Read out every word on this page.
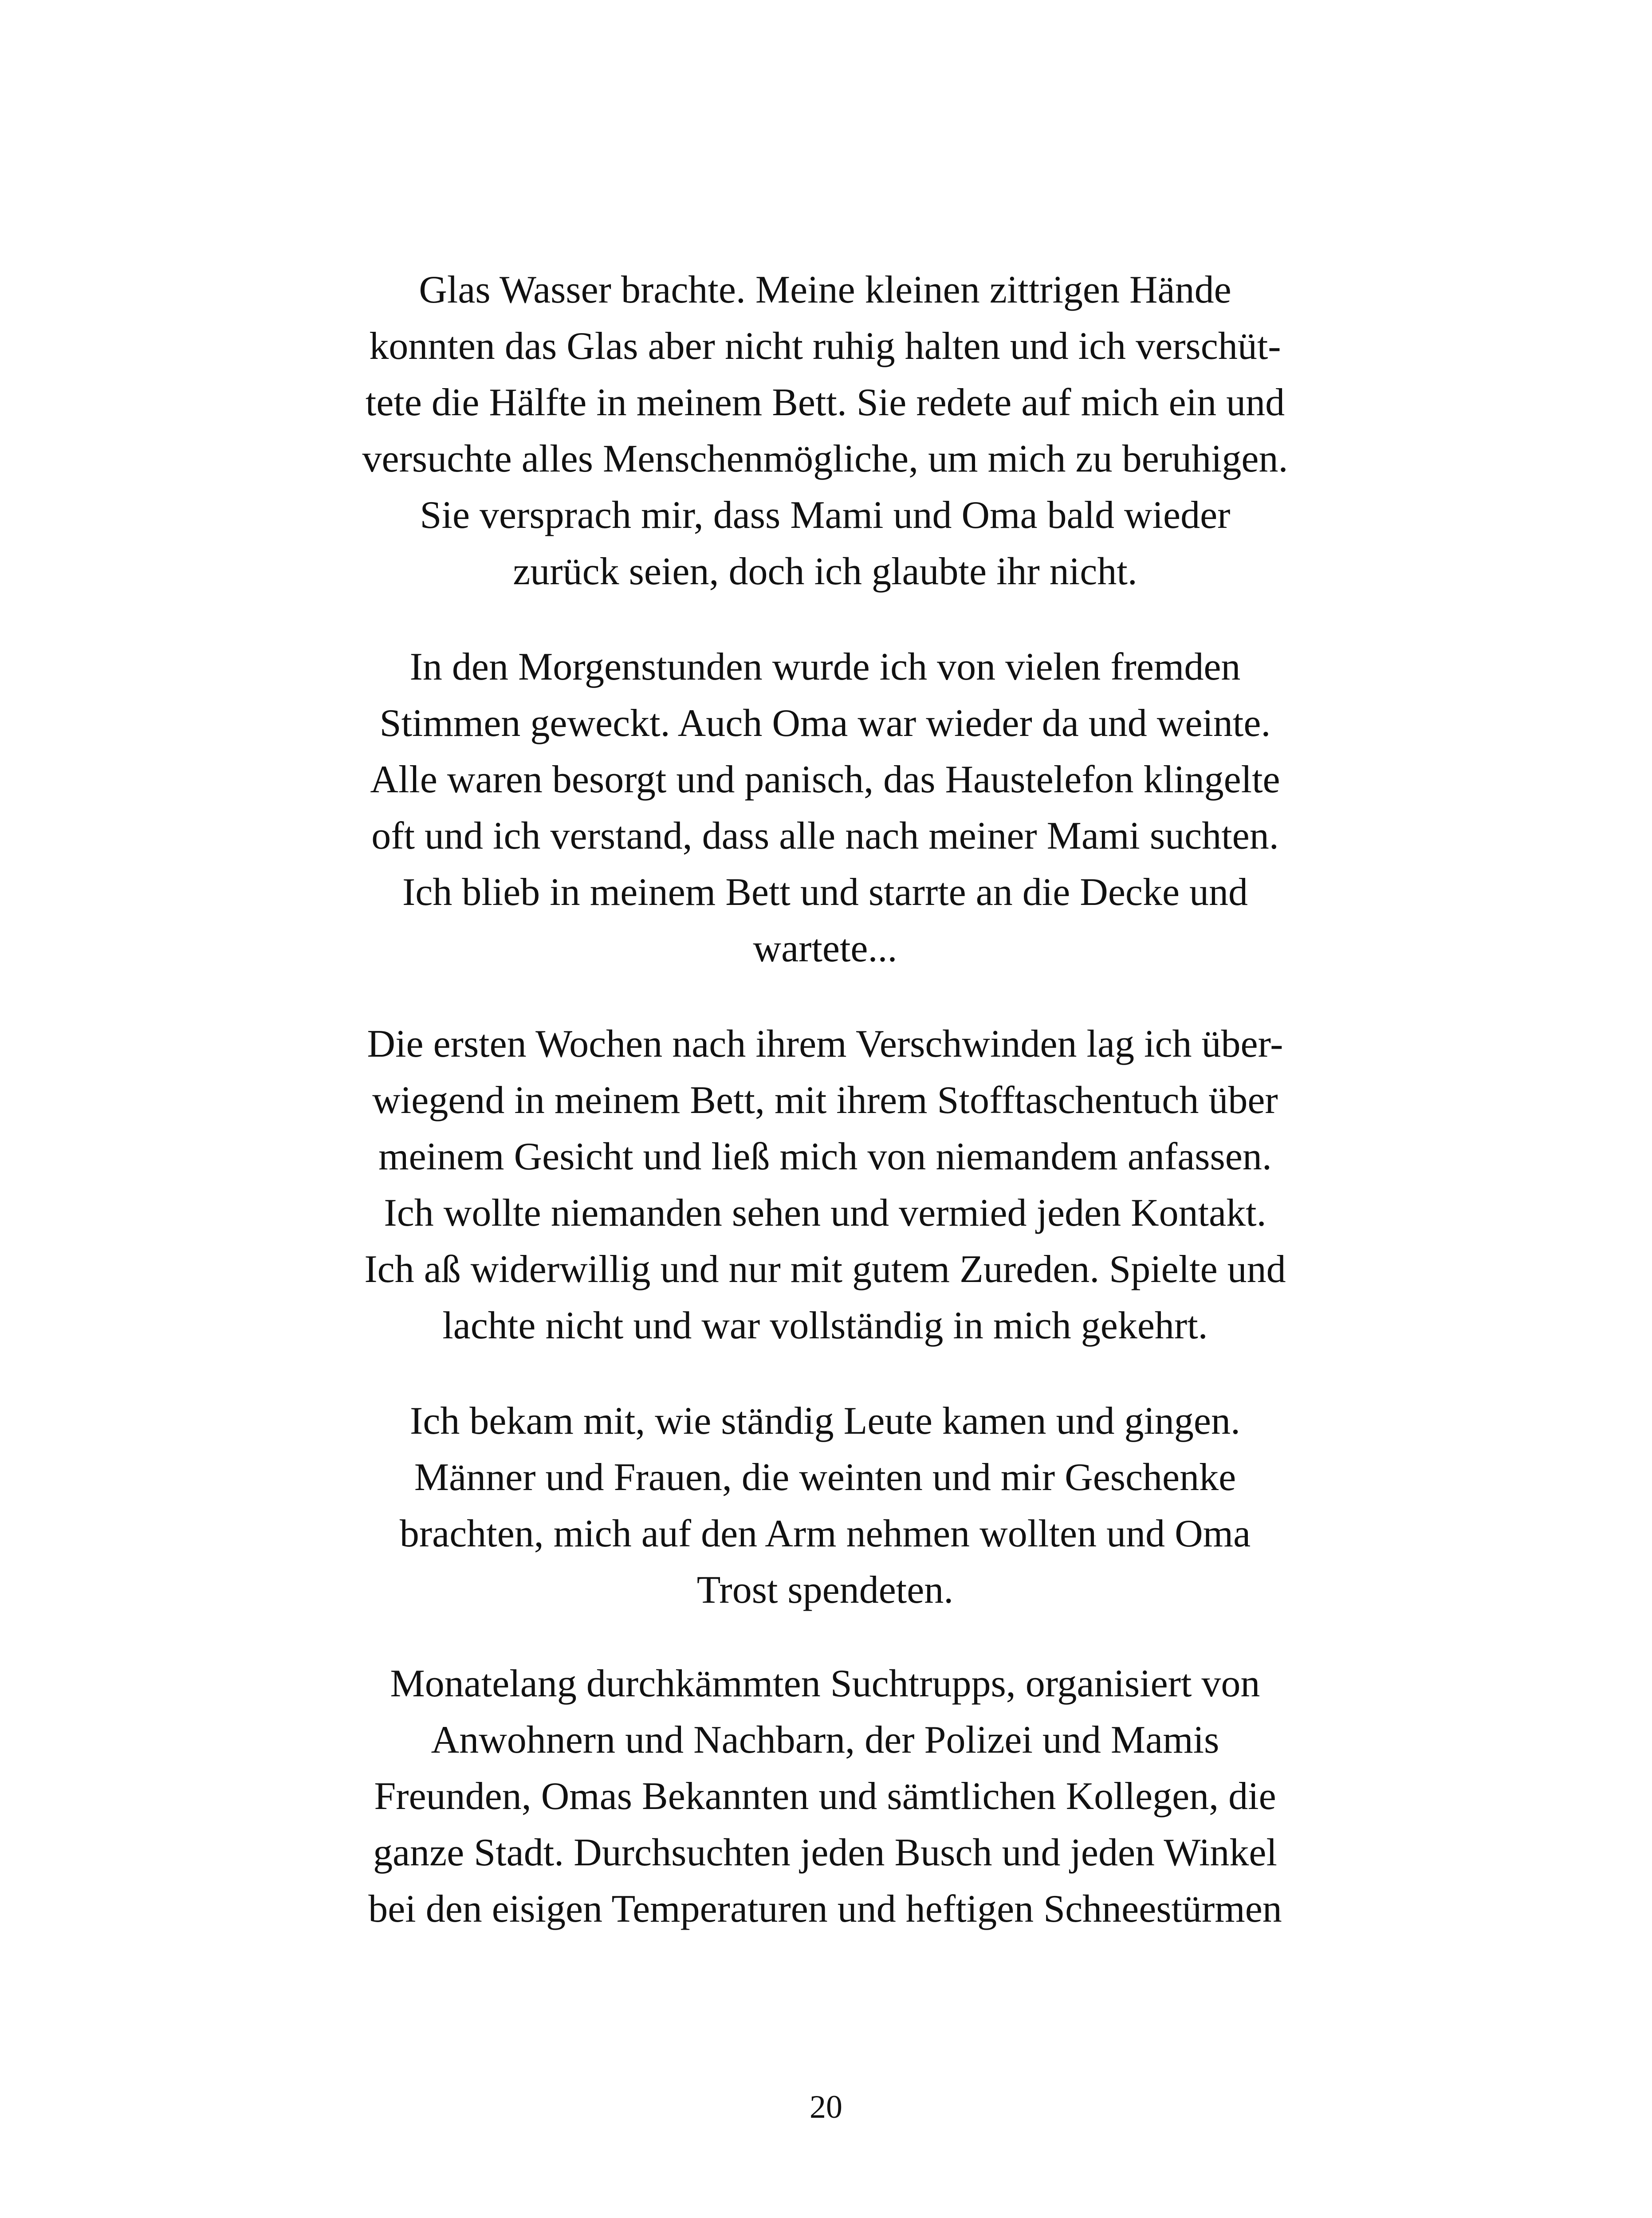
Glas Wasser brachte. Meine kleinen zittrigen Hände
konnten das Glas aber nicht ruhig halten und ich verschüt-
tete die Hälfte in meinem Bett. Sie redete auf mich ein und
versuchte alles Menschenmögliche, um mich zu beruhigen.
Sie versprach mir, dass Mami und Oma bald wieder
zurück seien, doch ich glaubte ihr nicht.
In den Morgenstunden wurde ich von vielen fremden
Stimmen geweckt. Auch Oma war wieder da und weinte.
Alle waren besorgt und panisch, das Haustelefon klingelte
oft und ich verstand, dass alle nach meiner Mami suchten.
Ich blieb in meinem Bett und starrte an die Decke und
wartete...
Die ersten Wochen nach ihrem Verschwinden lag ich über-
wiegend in meinem Bett, mit ihrem Stofftaschentuch über
meinem Gesicht und ließ mich von niemandem anfassen.
Ich wollte niemanden sehen und vermied jeden Kontakt.
Ich aß widerwillig und nur mit gutem Zureden. Spielte und
lachte nicht und war vollständig in mich gekehrt.
Ich bekam mit, wie ständig Leute kamen und gingen.
Männer und Frauen, die weinten und mir Geschenke
brachten, mich auf den Arm nehmen wollten und Oma
Trost spendeten.
Monatelang durchkämmten Suchtrupps, organisiert von
Anwohnern und Nachbarn, der Polizei und Mamis
Freunden, Omas Bekannten und sämtlichen Kollegen, die
ganze Stadt. Durchsuchten jeden Busch und jeden Winkel
bei den eisigen Temperaturen und heftigen Schneestürmen
20
